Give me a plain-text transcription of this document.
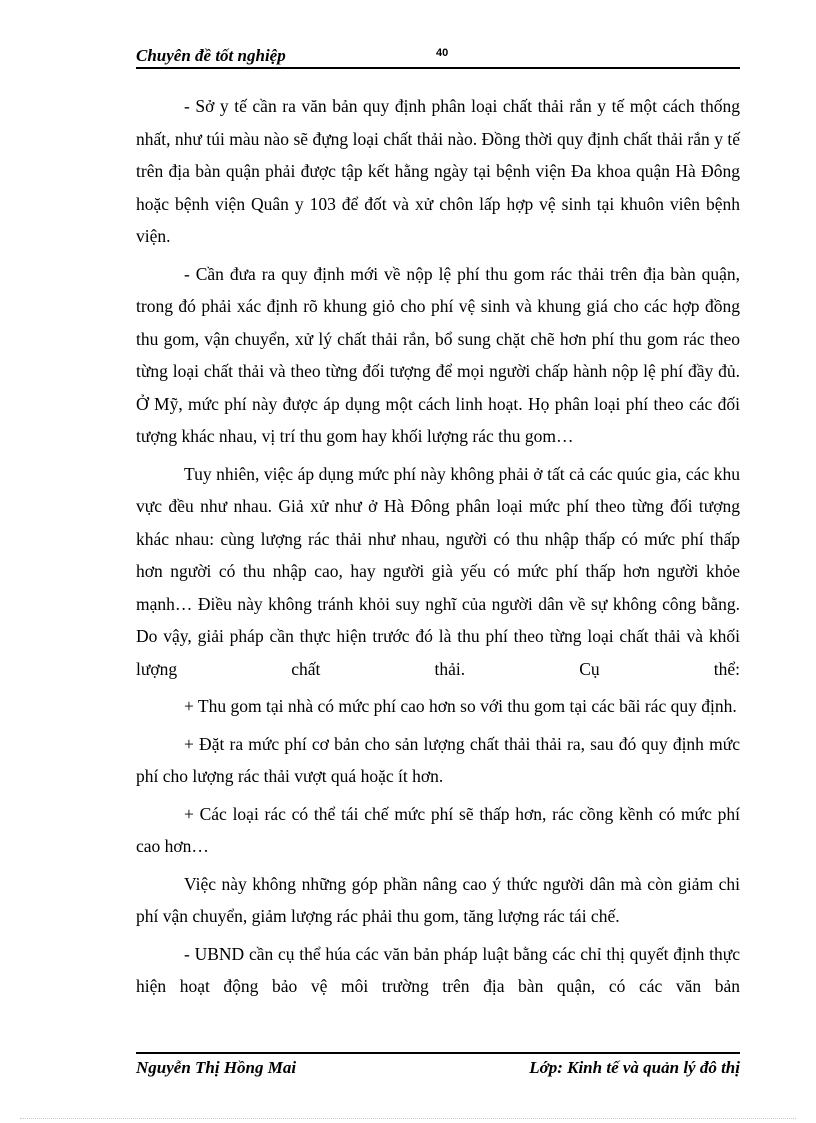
Chuyên đề tốt nghiệp	40

- Sở y tế cần ra văn bản quy định phân loại chất thải rắn y tế một cách thống nhất, như túi màu nào sẽ đựng loại chất thải nào. Đồng thời quy định chất thải rắn y tế trên địa bàn quận phải được tập kết hằng ngày tại bệnh viện Đa khoa quận Hà Đông hoặc bệnh viện Quân y 103 để đốt và xử chôn lấp hợp vệ sinh tại khuôn viên bệnh viện.

- Cần đưa ra quy định mới về nộp lệ phí thu gom rác thải trên địa bàn quận, trong đó phải xác định rõ khung giỏ cho phí vệ sinh và khung giá cho các hợp đồng thu gom, vận chuyển, xử lý chất thải rắn, bổ sung chặt chẽ hơn phí thu gom rác theo từng loại chất thải và theo từng đối tượng để mọi người chấp hành nộp lệ phí đầy đủ. Ở Mỹ, mức phí này được áp dụng một cách linh hoạt. Họ phân loại phí theo các đối tượng khác nhau, vị trí thu gom hay khối lượng rác thu gom…

Tuy nhiên, việc áp dụng mức phí này không phải ở tất cả các quúc gia, các khu vực đều như nhau. Giả xử như ở Hà Đông phân loại mức phí theo từng đối tượng khác nhau: cùng lượng rác thải như nhau, người có thu nhập thấp có mức phí thấp hơn người có thu nhập cao, hay người già yếu có mức phí thấp hơn người khỏe mạnh… Điều này không tránh khỏi suy nghĩ của người dân về sự không công bằng. Do vậy, giải pháp cần thực hiện trước đó là thu phí theo từng loại chất thải và khối lượng chất thải. Cụ thể:

+ Thu gom tại nhà có mức phí cao hơn so với thu gom tại các bãi rác quy định.

+ Đặt ra mức phí cơ bản cho sản lượng chất thải thải ra, sau đó quy định mức phí cho lượng rác thải vượt quá hoặc ít hơn.

+ Các loại rác có thể tái chế mức phí sẽ thấp hơn, rác cồng kềnh có mức phí cao hơn…

Việc này không những góp phần nâng cao ý thức người dân mà còn giảm chi phí vận chuyển, giảm lượng rác phải thu gom, tăng lượng rác tái chế.

- UBND cần cụ thể húa các văn bản pháp luật bằng các chỉ thị quyết định thực hiện hoạt động bảo vệ môi trường trên địa bàn quận, có các văn bản

Nguyễn Thị Hồng Mai	Lớp: Kinh tế và quản lý đô thị
